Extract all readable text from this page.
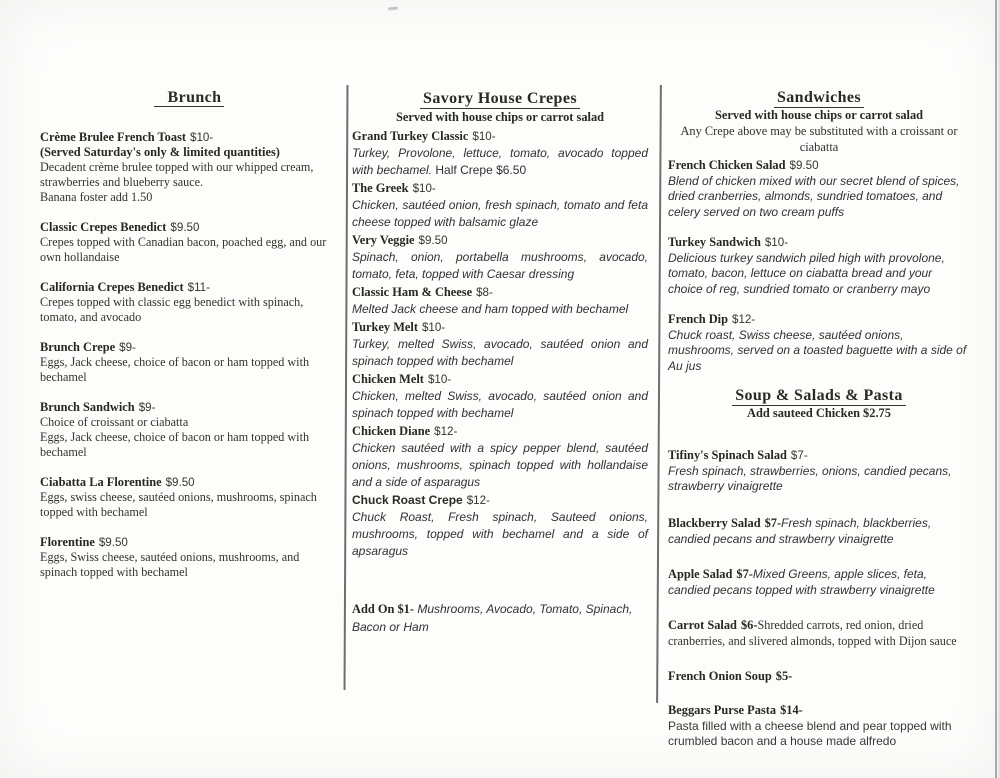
Brunch
Crème Brulee French Toast $10-
(Served Saturday's only & limited quantities)
Decadent crème brulee topped with our whipped cream, strawberries and blueberry sauce.
Banana foster add 1.50
Classic Crepes Benedict $9.50
Crepes topped with Canadian bacon, poached egg, and our own hollandaise
California Crepes Benedict $11-
Crepes topped with classic egg benedict with spinach, tomato, and avocado
Brunch Crepe $9-
Eggs, Jack cheese, choice of bacon or ham topped with bechamel
Brunch Sandwich $9-
Choice of croissant or ciabatta
Eggs, Jack cheese, choice of bacon or ham topped with bechamel
Ciabatta La Florentine $9.50
Eggs, swiss cheese, sautéed onions, mushrooms, spinach topped with bechamel
Florentine $9.50
Eggs, Swiss cheese, sautéed onions, mushrooms, and spinach topped with bechamel
Savory House Crepes
Served with house chips or carrot salad
Grand Turkey Classic $10-
Turkey, Provolone, lettuce, tomato, avocado topped with bechamel. Half Crepe $6.50
The Greek $10-
Chicken, sautéed onion, fresh spinach, tomato and feta cheese topped with balsamic glaze
Very Veggie $9.50
Spinach, onion, portabella mushrooms, avocado, tomato, feta, topped with Caesar dressing
Classic Ham & Cheese $8-
Melted Jack cheese and ham topped with bechamel
Turkey Melt $10-
Turkey, melted Swiss, avocado, sautéed onion and spinach topped with bechamel
Chicken Melt $10-
Chicken, melted Swiss, avocado, sautéed onion and spinach topped with bechamel
Chicken Diane $12-
Chicken sautéed with a spicy pepper blend, sautéed onions, mushrooms, spinach topped with hollandaise and a side of asparagus
Chuck Roast Crepe $12-
Chuck Roast, Fresh spinach, Sauteed onions, mushrooms, topped with bechamel and a side of apsaragus
Add On $1- Mushrooms, Avocado, Tomato, Spinach, Bacon or Ham
Sandwiches
Served with house chips or carrot salad
Any Crepe above may be substituted with a croissant or ciabatta
French Chicken Salad $9.50
Blend of chicken mixed with our secret blend of spices, dried cranberries, almonds, sundried tomatoes, and celery served on two cream puffs
Turkey Sandwich $10-
Delicious turkey sandwich piled high with provolone, tomato, bacon, lettuce on ciabatta bread and your choice of reg, sundried tomato or cranberry mayo
French Dip $12-
Chuck roast, Swiss cheese, sautéed onions, mushrooms, served on a toasted baguette with a side of Au jus
Soup & Salads & Pasta
Add sauteed Chicken $2.75
Tifiny's Spinach Salad $7-
Fresh spinach, strawberries, onions, candied pecans, strawberry vinaigrette
Blackberry Salad $7-Fresh spinach, blackberries, candied pecans and strawberry vinaigrette
Apple Salad $7-Mixed Greens, apple slices, feta, candied pecans topped with strawberry vinaigrette
Carrot Salad $6-Shredded carrots, red onion, dried cranberries, and slivered almonds, topped with Dijon sauce
French Onion Soup $5-
Beggars Purse Pasta $14-
Pasta filled with a cheese blend and pear topped with crumbled bacon and a house made alfredo
